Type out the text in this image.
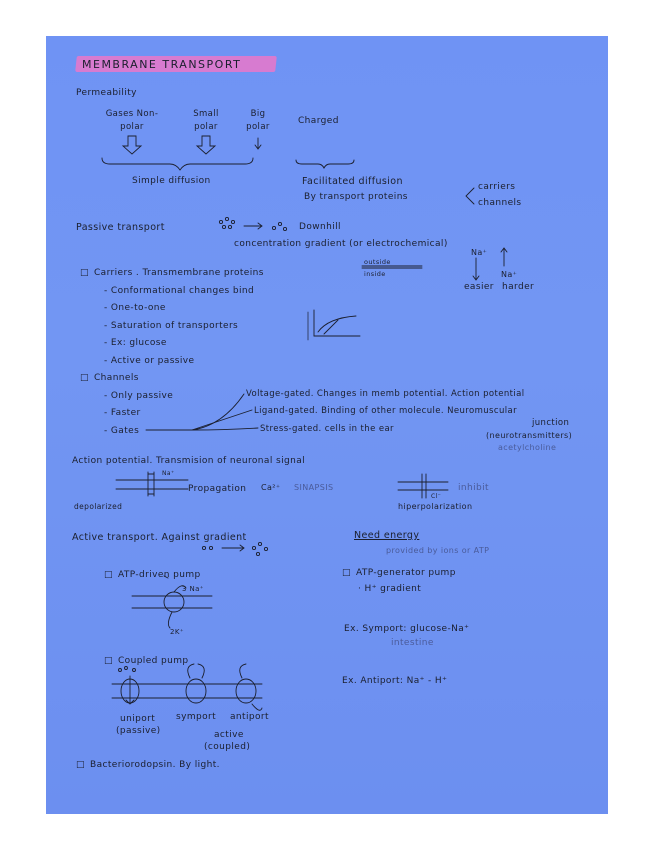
MEMBRANE TRANSPORT
Permeability
Gases Non-polar
Small polar
Big polar
Charged
Simple diffusion	Facilitated diffusion
By transport proteins
carriers
channels
Passive transport	Downhill
concentration gradient (or electrochemical)
outside
inside
Na⁺
Na⁺
easier harder
□ Carriers . Transmembrane proteins
- Conformational changes bind
- One-to-one
- Saturation of transporters
- Ex: glucose
- Active or passive
□ Channels
- Only passive
- Faster
- Gates
Voltage-gated. Changes in memb potential. Action potential
Ligand-gated. Binding of other molecule. Neuromuscular
junction
Stress-gated. cells in the ear
(neurotransmitters)
acetylcholine
Action potential. Transmision of neuronal signal
Na⁺
Propagation Ca²⁺ SINAPSIS	inhibit
Cl⁻
depolarized	hiperpolarization
Active transport. Against gradient	Need energy
provided by ions or ATP
□ ATP-driven pump
3 Na⁺
2K⁺
□ ATP-generator pump
· H⁺ gradient
Ex. Symport: glucose-Na⁺
intestine
Ex. Antiport: Na⁺ - H⁺
□ Coupled pump
uniport
(passive)
symport antiport
active
(coupled)
□ Bacteriorodopsin. By light.
